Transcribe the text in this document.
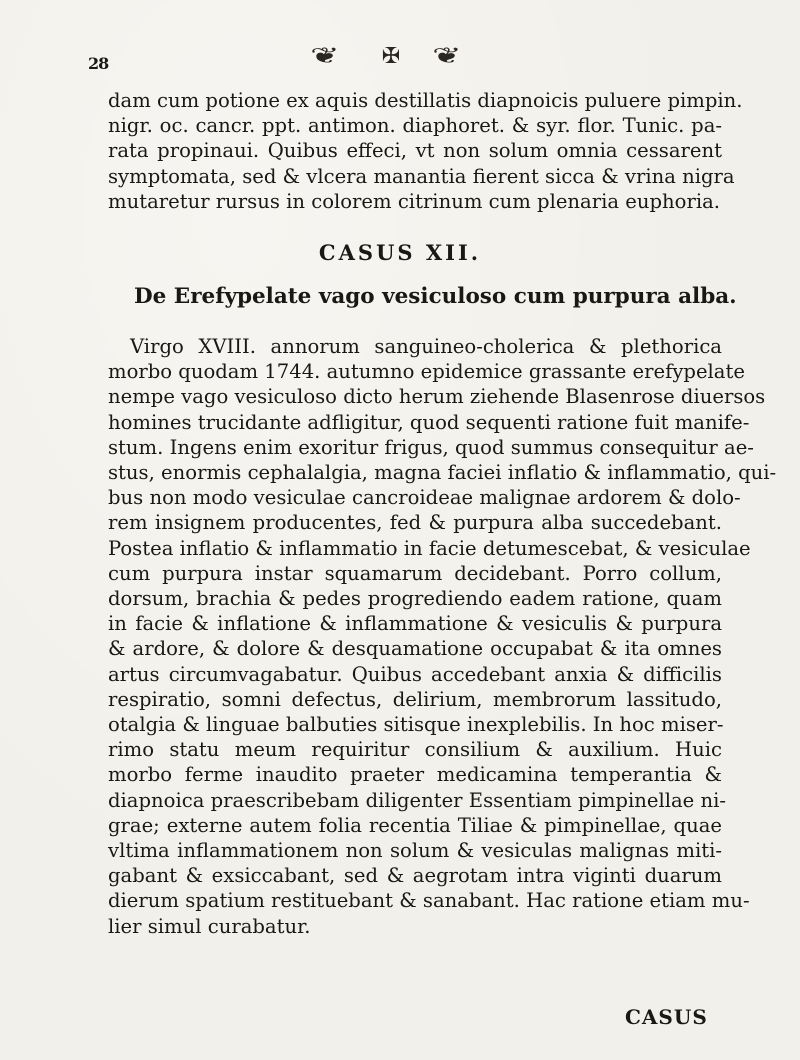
28	❦ ✠ ❦
dam cum potione ex aquis destillatis diapnoicis puluere pimpin.
nigr. oc. cancr. ppt. antimon. diaphoret. & syr. flor. Tunic. pa-
rata propinaui. Quibus effeci, vt non solum omnia cessarent
symptomata, sed & vlcera manantia fierent sicca & vrina nigra
mutaretur rursus in colorem citrinum cum plenaria euphoria.
CASUS XII.
De Erefypelate vago vesiculoso cum purpura alba.
Virgo XVIII. annorum sanguineo-cholerica & plethorica
morbo quodam 1744. autumno epidemice grassante erefypelate
nempe vago vesiculoso dicto herum ziehende Blasenrose diuersos
homines trucidante adfligitur, quod sequenti ratione fuit manife-
stum. Ingens enim exoritur frigus, quod summus consequitur ae-
stus, enormis cephalalgia, magna faciei inflatio & inflammatio, qui-
bus non modo vesiculae cancroideae malignae ardorem & dolo-
rem insignem producentes, fed & purpura alba succedebant.
Postea inflatio & inflammatio in facie detumescebat, & vesiculae
cum purpura instar squamarum decidebant. Porro collum,
dorsum, brachia & pedes progrediendo eadem ratione, quam
in facie & inflatione & inflammatione & vesiculis & purpura
& ardore, & dolore & desquamatione occupabat & ita omnes
artus circumvagabatur. Quibus accedebant anxia & difficilis
respiratio, somni defectus, delirium, membrorum lassitudo,
otalgia & linguae balbuties sitisque inexplebilis. In hoc miser-
rimo statu meum requiritur consilium & auxilium. Huic
morbo ferme inaudito praeter medicamina temperantia &
diapnoica praescribebam diligenter Essentiam pimpinellae ni-
grae; externe autem folia recentia Tiliae & pimpinellae, quae
vltima inflammationem non solum & vesiculas malignas miti-
gabant & exsiccabant, sed & aegrotam intra viginti duarum
dierum spatium restituebant & sanabant. Hac ratione etiam mu-
lier simul curabatur.
CASUS
